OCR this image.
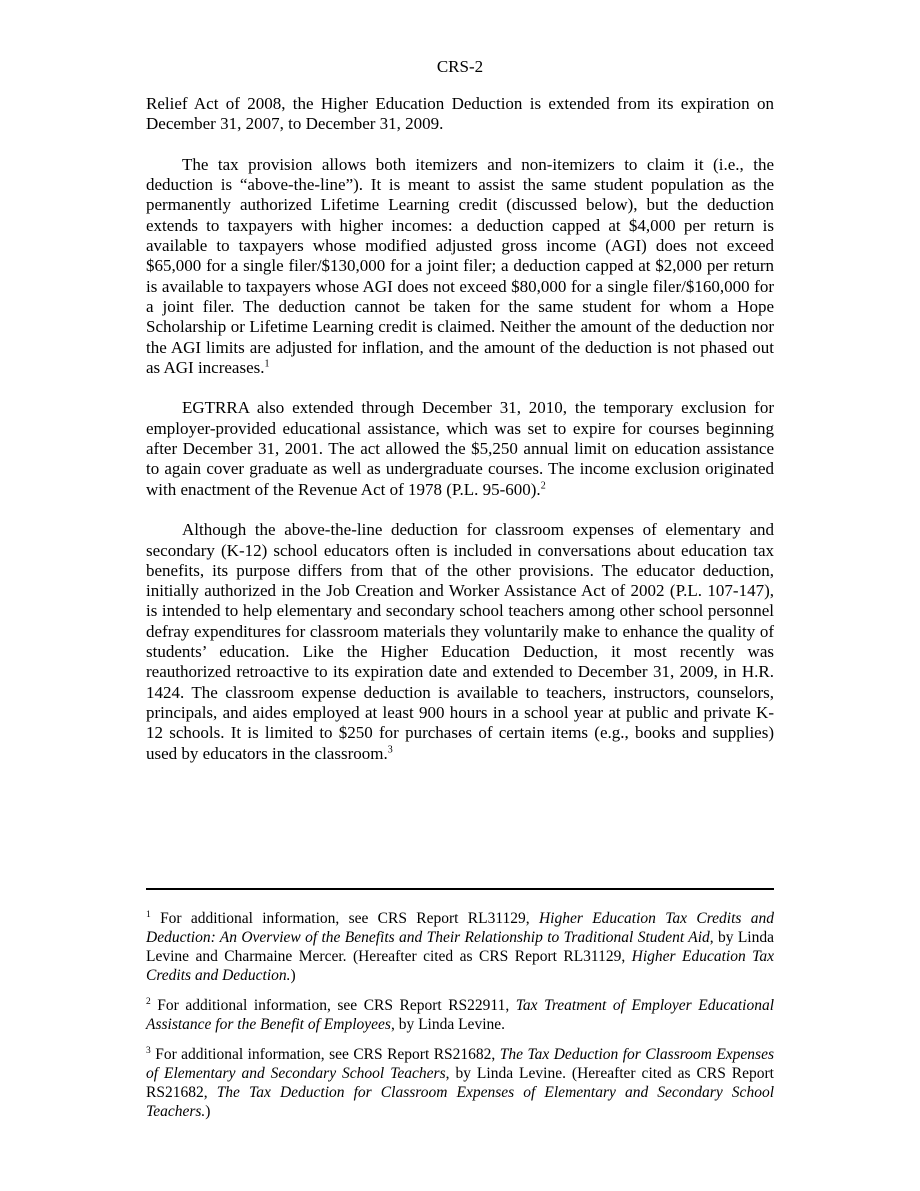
CRS-2

Relief Act of 2008, the Higher Education Deduction is extended from its expiration on December 31, 2007, to December 31, 2009.

The tax provision allows both itemizers and non-itemizers to claim it (i.e., the deduction is “above-the-line”). It is meant to assist the same student population as the permanently authorized Lifetime Learning credit (discussed below), but the deduction extends to taxpayers with higher incomes: a deduction capped at $4,000 per return is available to taxpayers whose modified adjusted gross income (AGI) does not exceed $65,000 for a single filer/$130,000 for a joint filer; a deduction capped at $2,000 per return is available to taxpayers whose AGI does not exceed $80,000 for a single filer/$160,000 for a joint filer. The deduction cannot be taken for the same student for whom a Hope Scholarship or Lifetime Learning credit is claimed. Neither the amount of the deduction nor the AGI limits are adjusted for inflation, and the amount of the deduction is not phased out as AGI increases.$^1$

EGTRRA also extended through December 31, 2010, the temporary exclusion for employer-provided educational assistance, which was set to expire for courses beginning after December 31, 2001. The act allowed the $5,250 annual limit on education assistance to again cover graduate as well as undergraduate courses. The income exclusion originated with enactment of the Revenue Act of 1978 (P.L. 95-600).$^2$

Although the above-the-line deduction for classroom expenses of elementary and secondary (K-12) school educators often is included in conversations about education tax benefits, its purpose differs from that of the other provisions. The educator deduction, initially authorized in the Job Creation and Worker Assistance Act of 2002 (P.L. 107-147), is intended to help elementary and secondary school teachers among other school personnel defray expenditures for classroom materials they voluntarily make to enhance the quality of students’ education. Like the Higher Education Deduction, it most recently was reauthorized retroactive to its expiration date and extended to December 31, 2009, in H.R. 1424. The classroom expense deduction is available to teachers, instructors, counselors, principals, and aides employed at least 900 hours in a school year at public and private K-12 schools. It is limited to $250 for purchases of certain items (e.g., books and supplies) used by educators in the classroom.$^3$

$^1$ For additional information, see CRS Report RL31129, Higher Education Tax Credits and Deduction: An Overview of the Benefits and Their Relationship to Traditional Student Aid, by Linda Levine and Charmaine Mercer. (Hereafter cited as CRS Report RL31129, Higher Education Tax Credits and Deduction.)

$^2$ For additional information, see CRS Report RS22911, Tax Treatment of Employer Educational Assistance for the Benefit of Employees, by Linda Levine.

$^3$ For additional information, see CRS Report RS21682, The Tax Deduction for Classroom Expenses of Elementary and Secondary School Teachers, by Linda Levine. (Hereafter cited as CRS Report RS21682, The Tax Deduction for Classroom Expenses of Elementary and Secondary School Teachers.)
